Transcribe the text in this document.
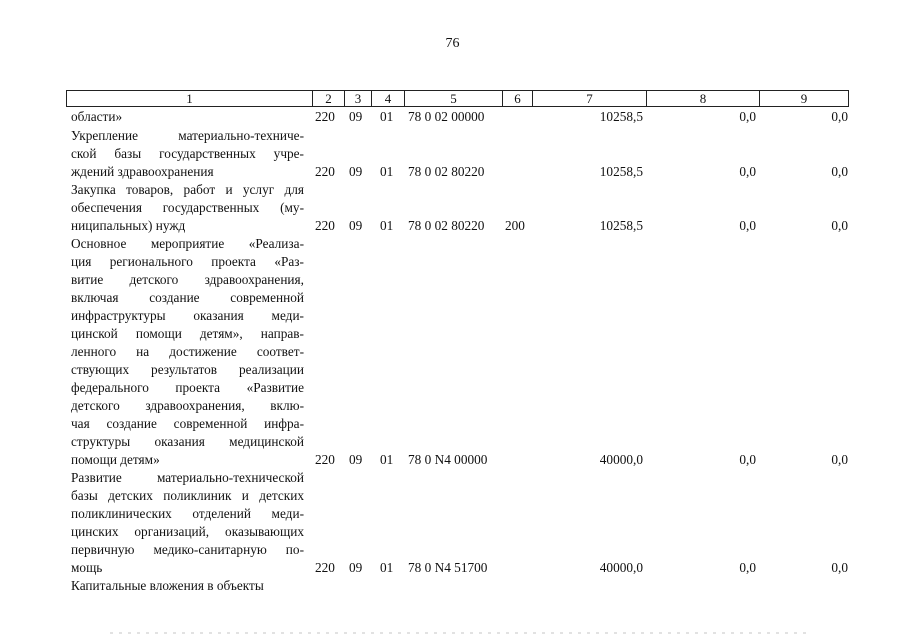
76
1	2	3	4	5	6	7	8	9
области»	220 09 01 78 0 02 00000	10258,5	0,0	0,0
Укрепление материально-техниче-
ской базы государственных учре-
ждений здравоохранения	220 09 01 78 0 02 80220	10258,5	0,0	0,0
Закупка товаров, работ и услуг для
обеспечения государственных (му-
ниципальных) нужд	220 09 01 78 0 02 80220 200	10258,5	0,0	0,0
Основное мероприятие «Реализа-
ция регионального проекта «Раз-
витие детского здравоохранения,
включая создание современной
инфраструктуры оказания меди-
цинской помощи детям», направ-
ленного на достижение соответ-
ствующих результатов реализации
федерального проекта «Развитие
детского здравоохранения, вклю-
чая создание современной инфра-
структуры оказания медицинской
помощи детям»	220 09 01 78 0 N4 00000	40000,0	0,0	0,0
Развитие материально-технической
базы детских поликлиник и детских
поликлинических отделений меди-
цинских организаций, оказывающих
первичную медико-санитарную по-
мощь	220 09 01 78 0 N4 51700	40000,0	0,0	0,0
Капитальные вложения в объекты
